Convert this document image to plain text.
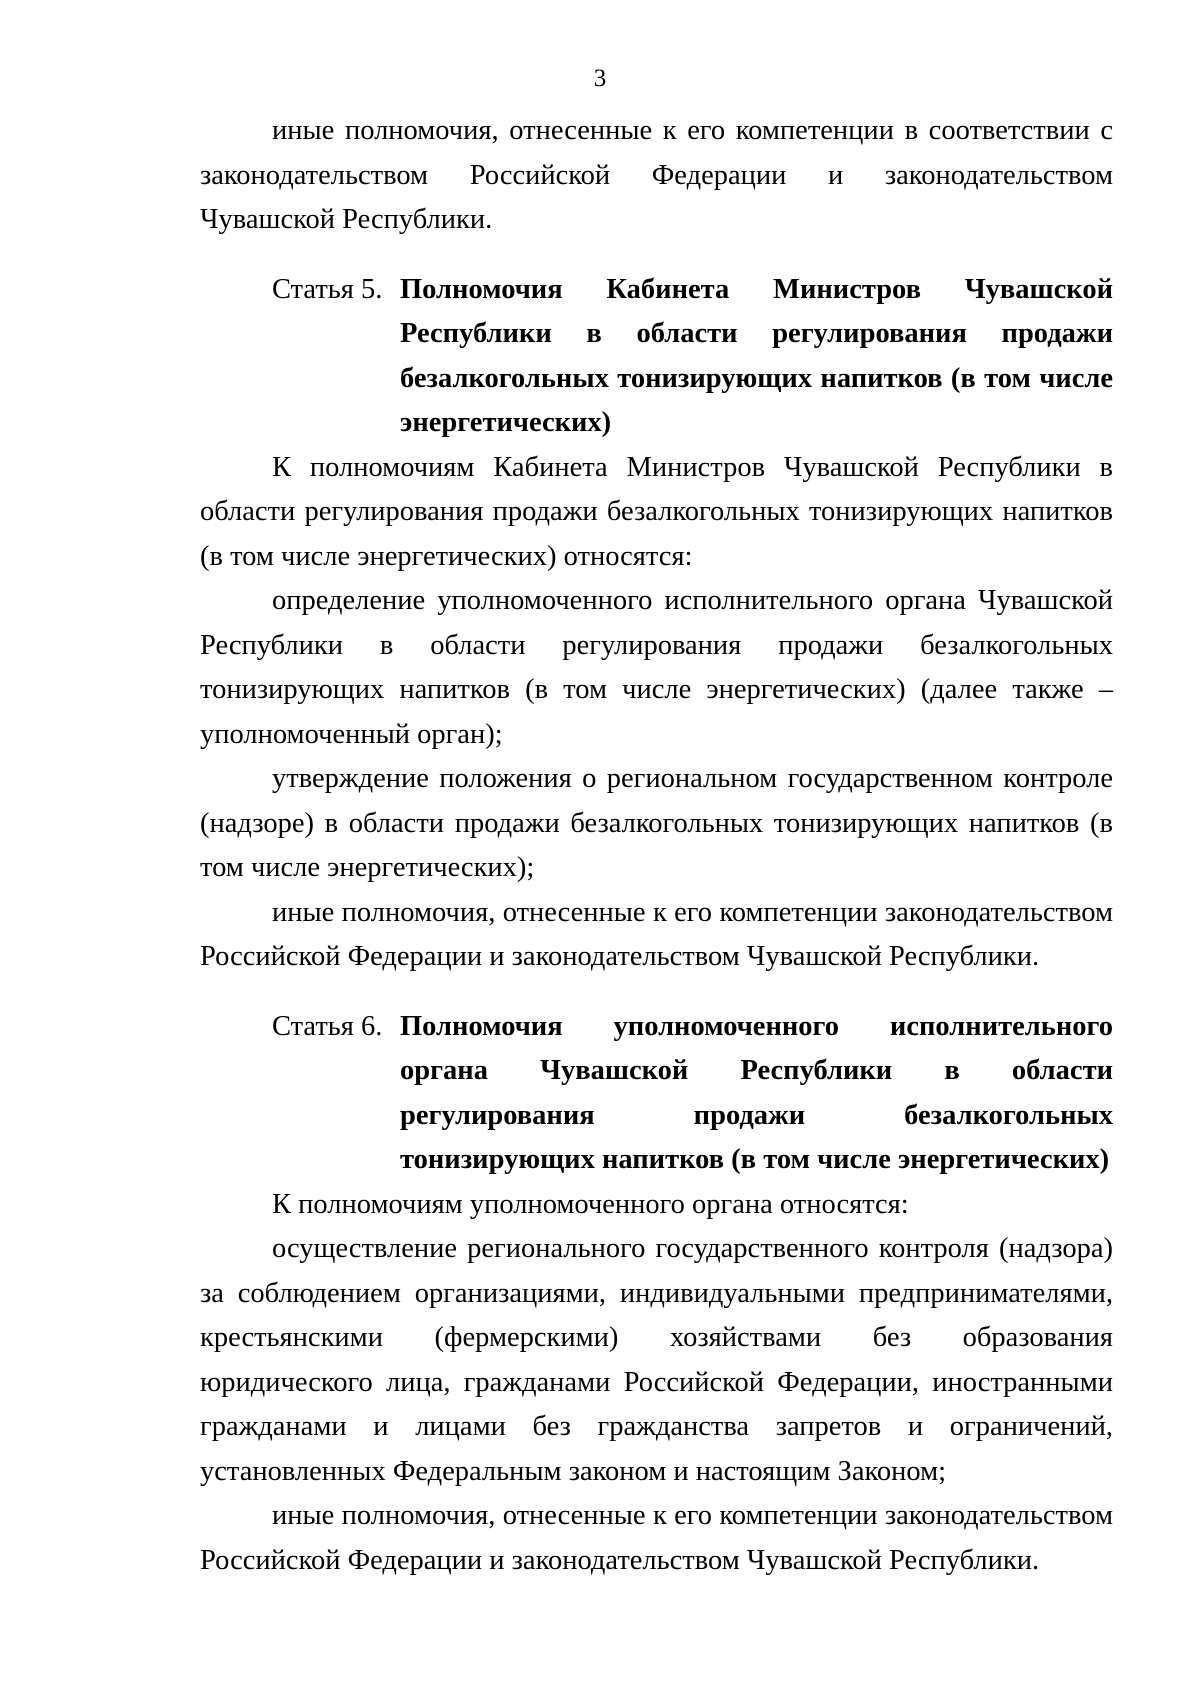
3

иные полномочия, отнесенные к его компетенции в соответствии с законодательством Российской Федерации и законодательством Чувашской Республики.

Статья 5. Полномочия Кабинета Министров Чувашской Республики в области регулирования продажи безалкогольных тонизирующих напитков (в том числе энергетических)

К полномочиям Кабинета Министров Чувашской Республики в области регулирования продажи безалкогольных тонизирующих напитков (в том числе энергетических) относятся:

определение уполномоченного исполнительного органа Чувашской Республики в области регулирования продажи безалкогольных тонизирующих напитков (в том числе энергетических) (далее также – уполномоченный орган);

утверждение положения о региональном государственном контроле (надзоре) в области продажи безалкогольных тонизирующих напитков (в том числе энергетических);

иные полномочия, отнесенные к его компетенции законодательством Российской Федерации и законодательством Чувашской Республики.

Статья 6. Полномочия уполномоченного исполнительного органа Чувашской Республики в области регулирования продажи безалкогольных тонизирующих напитков (в том числе энергетических)

К полномочиям уполномоченного органа относятся:

осуществление регионального государственного контроля (надзора) за соблюдением организациями, индивидуальными предпринимателями, крестьянскими (фермерскими) хозяйствами без образования юридического лица, гражданами Российской Федерации, иностранными гражданами и лицами без гражданства запретов и ограничений, установленных Федеральным законом и настоящим Законом;

иные полномочия, отнесенные к его компетенции законодательством Российской Федерации и законодательством Чувашской Республики.
